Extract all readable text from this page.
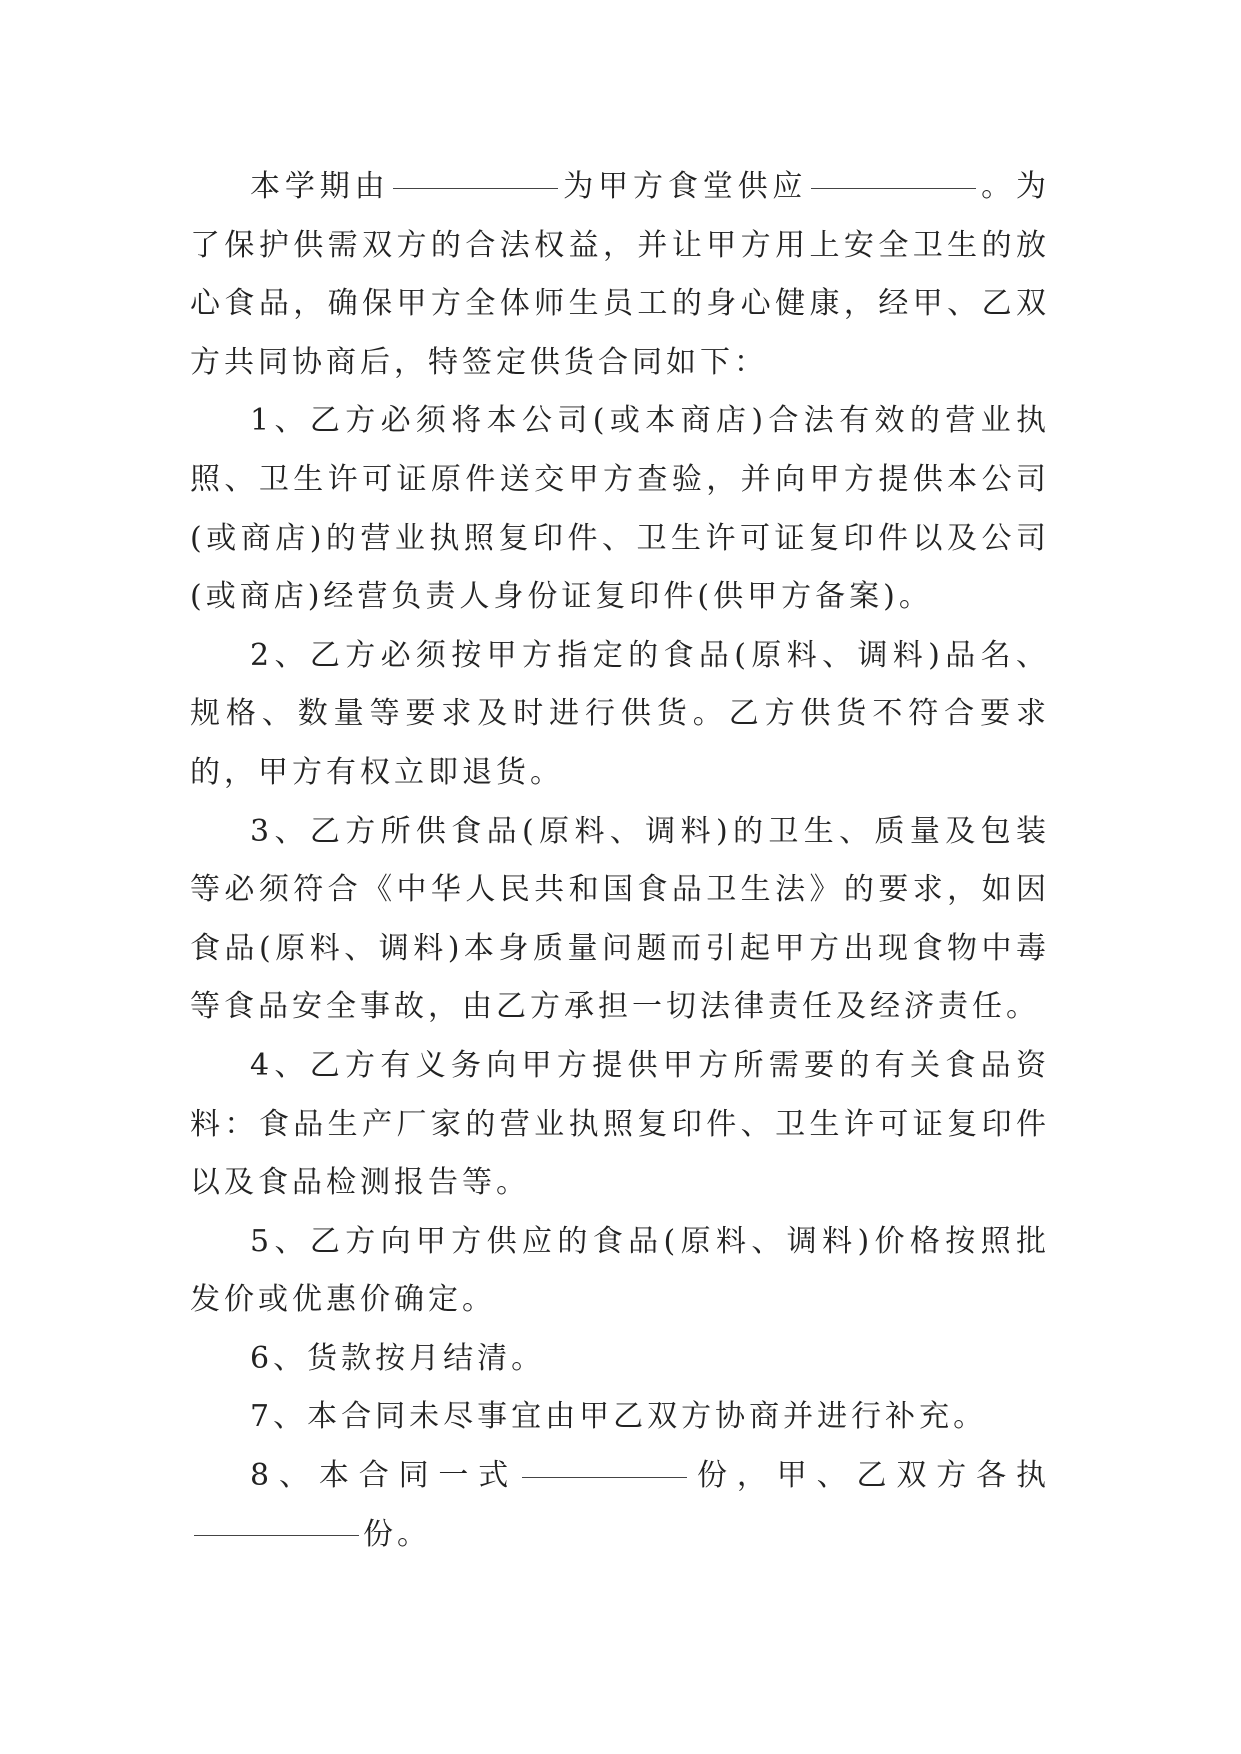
本学期由	为甲方食堂供应	。为了保护供需双方的合法权益，并让甲方用上安全卫生的放心食品，确保甲方全体师生员工的身心健康，经甲、乙双方共同协商后，特签定供货合同如下：

1、乙方必须将本公司(或本商店)合法有效的营业执照、卫生许可证原件送交甲方查验，并向甲方提供本公司(或商店)的营业执照复印件、卫生许可证复印件以及公司(或商店)经营负责人身份证复印件(供甲方备案)。

2、乙方必须按甲方指定的食品(原料、调料)品名、规格、数量等要求及时进行供货。乙方供货不符合要求的，甲方有权立即退货。

3、乙方所供食品(原料、调料)的卫生、质量及包装等必须符合《中华人民共和国食品卫生法》的要求，如因食品(原料、调料)本身质量问题而引起甲方出现食物中毒等食品安全事故，由乙方承担一切法律责任及经济责任。

4、乙方有义务向甲方提供甲方所需要的有关食品资料：食品生产厂家的营业执照复印件、卫生许可证复印件以及食品检测报告等。

5、乙方向甲方供应的食品(原料、调料)价格按照批发价或优惠价确定。

6、货款按月结清。

7、本合同未尽事宜由甲乙双方协商并进行补充。

8、本合同一式	份，甲、乙双方各执份。
